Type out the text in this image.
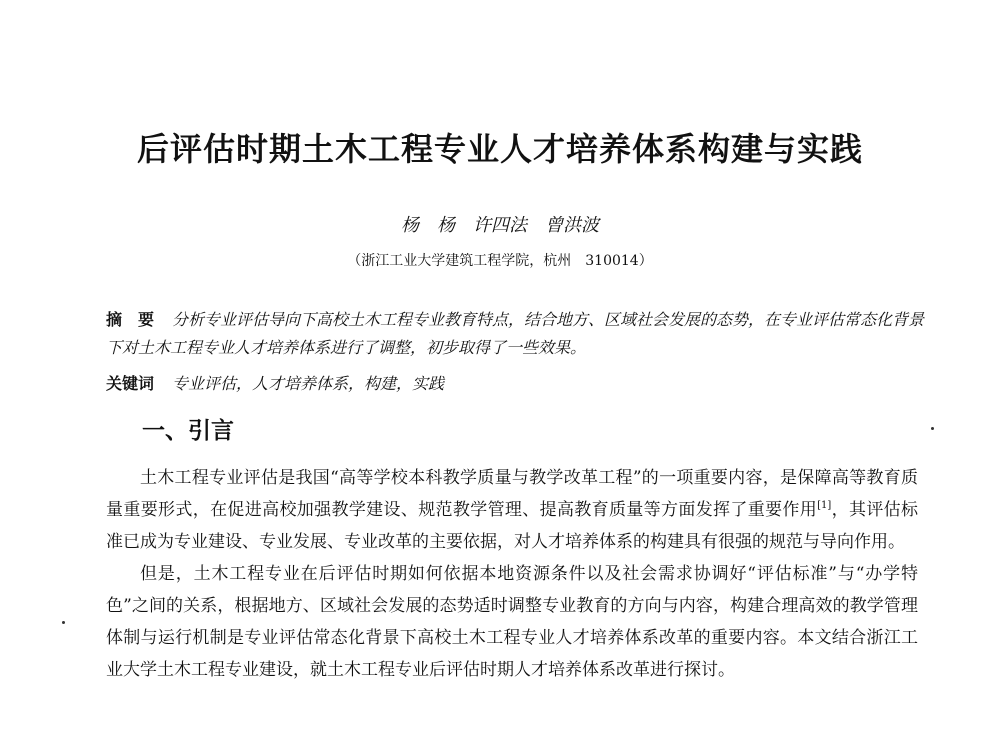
后评估时期土木工程专业人才培养体系构建与实践
杨　杨　许四法　曾洪波
（浙江工业大学建筑工程学院，杭州　310014）
摘　要 分析专业评估导向下高校土木工程专业教育特点，结合地方、区域社会发展的态势，在专业评估常态化背景下对土木工程专业人才培养体系进行了调整，初步取得了一些效果。
关键词 专业评估，人才培养体系，构建，实践
一、引言

土木工程专业评估是我国“高等学校本科教学质量与教学改革工程”的一项重要内容，是保障高等教育质量重要形式，在促进高校加强教学建设、规范教学管理、提高教育质量等方面发挥了重要作用[1]，其评估标准已成为专业建设、专业发展、专业改革的主要依据，对人才培养体系的构建具有很强的规范与导向作用。

但是，土木工程专业在后评估时期如何依据本地资源条件以及社会需求协调好“评估标准”与“办学特色”之间的关系，根据地方、区域社会发展的态势适时调整专业教育的方向与内容，构建合理高效的教学管理体制与运行机制是专业评估常态化背景下高校土木工程专业人才培养体系改革的重要内容。本文结合浙江工业大学土木工程专业建设，就土木工程专业后评估时期人才培养体系改革进行探讨。
